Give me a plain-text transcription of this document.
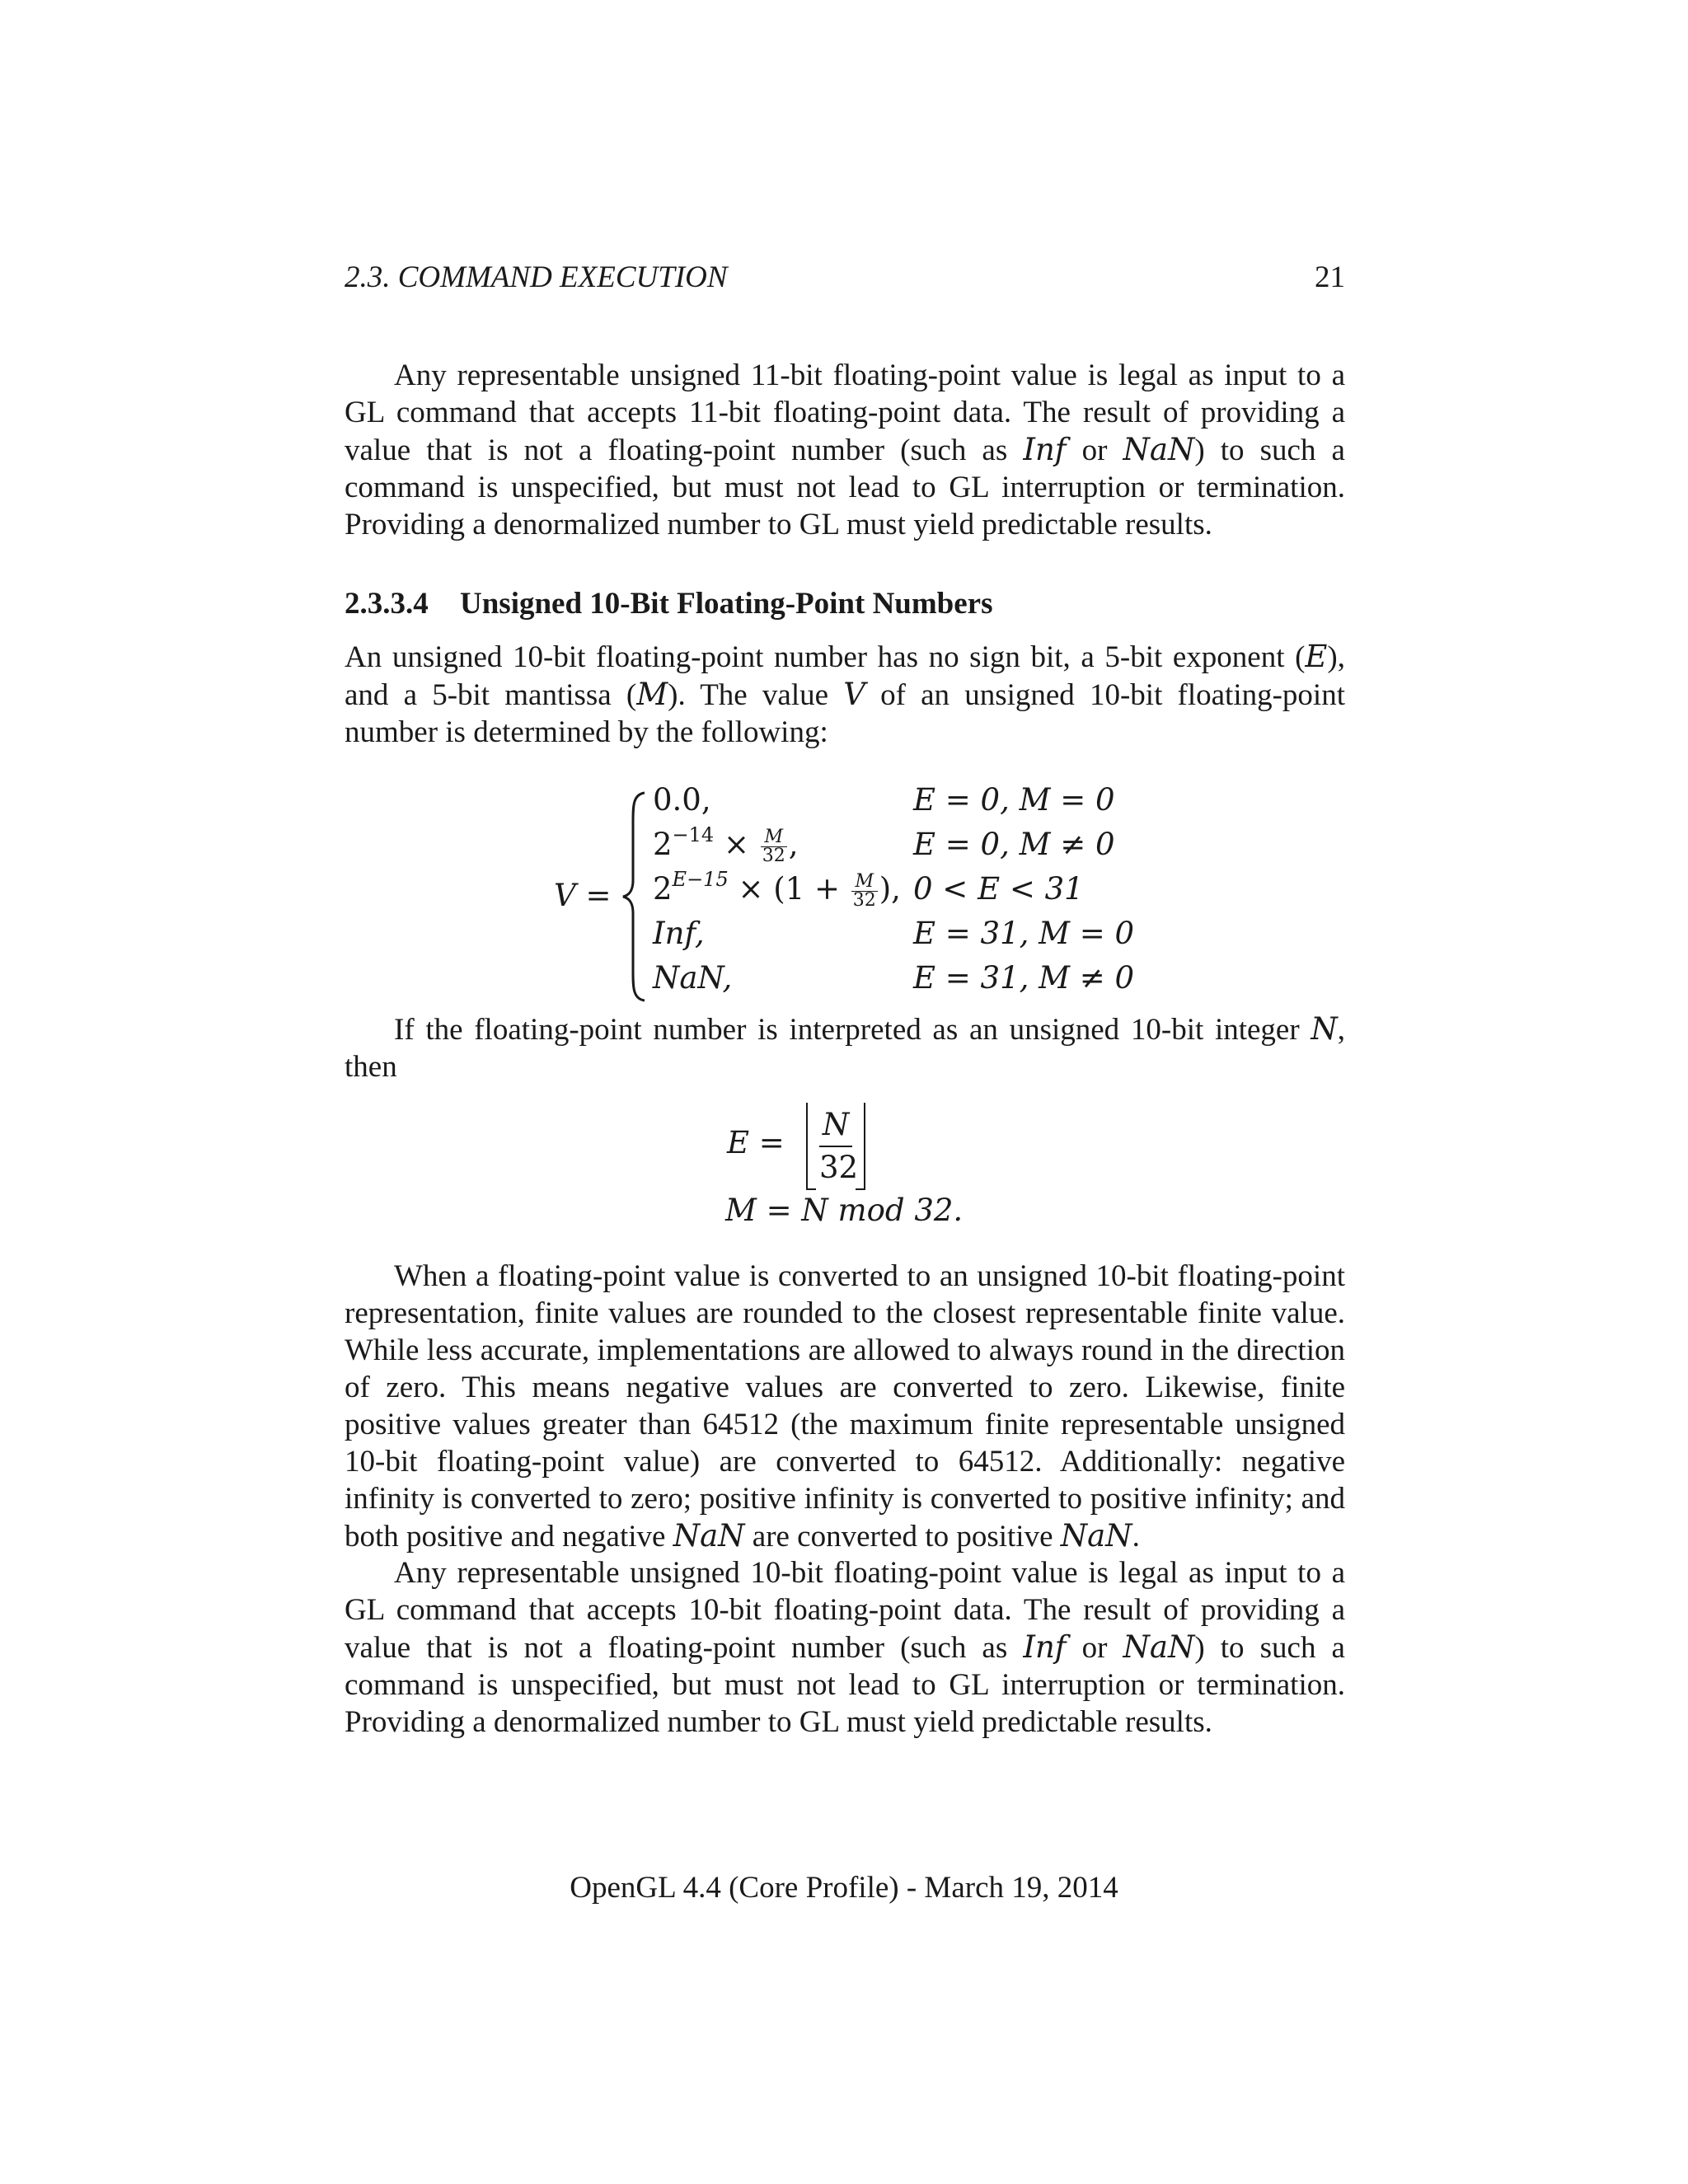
2.3. COMMAND EXECUTION	21

Any representable unsigned 11-bit floating-point value is legal as input to a GL command that accepts 11-bit floating-point data. The result of providing a value that is not a floating-point number (such as Inf or NaN) to such a command is unspecified, but must not lead to GL interruption or termination. Providing a denormalized number to GL must yield predictable results.

2.3.3.4 Unsigned 10-Bit Floating-Point Numbers

An unsigned 10-bit floating-point number has no sign bit, a 5-bit exponent (E), and a 5-bit mantissa (M). The value V of an unsigned 10-bit floating-point number is determined by the following:

V =
0.0,	E = 0, M = 0
$2^{-14} \times \frac{M}{32}$ ,	E = 0, M ≠ 0
$2^{E-15} \times (1 + \frac{M}{32}$ ), 0 < E < 31
Inf,	E = 31, M = 0
NaN,	E = 31, M ≠ 0

If the floating-point number is interpreted as an unsigned 10-bit integer N, then

E =
N
32
M = N mod 32.

When a floating-point value is converted to an unsigned 10-bit floating-point representation, finite values are rounded to the closest representable finite value. While less accurate, implementations are allowed to always round in the direction of zero. This means negative values are converted to zero. Likewise, finite positive values greater than 64512 (the maximum finite representable unsigned 10-bit floating-point value) are converted to 64512. Additionally: negative infinity is converted to zero; positive infinity is converted to positive infinity; and both positive and negative NaN are converted to positive NaN.

Any representable unsigned 10-bit floating-point value is legal as input to a GL command that accepts 10-bit floating-point data. The result of providing a value that is not a floating-point number (such as Inf or NaN) to such a command is unspecified, but must not lead to GL interruption or termination. Providing a denormalized number to GL must yield predictable results.

OpenGL 4.4 (Core Profile) - March 19, 2014
